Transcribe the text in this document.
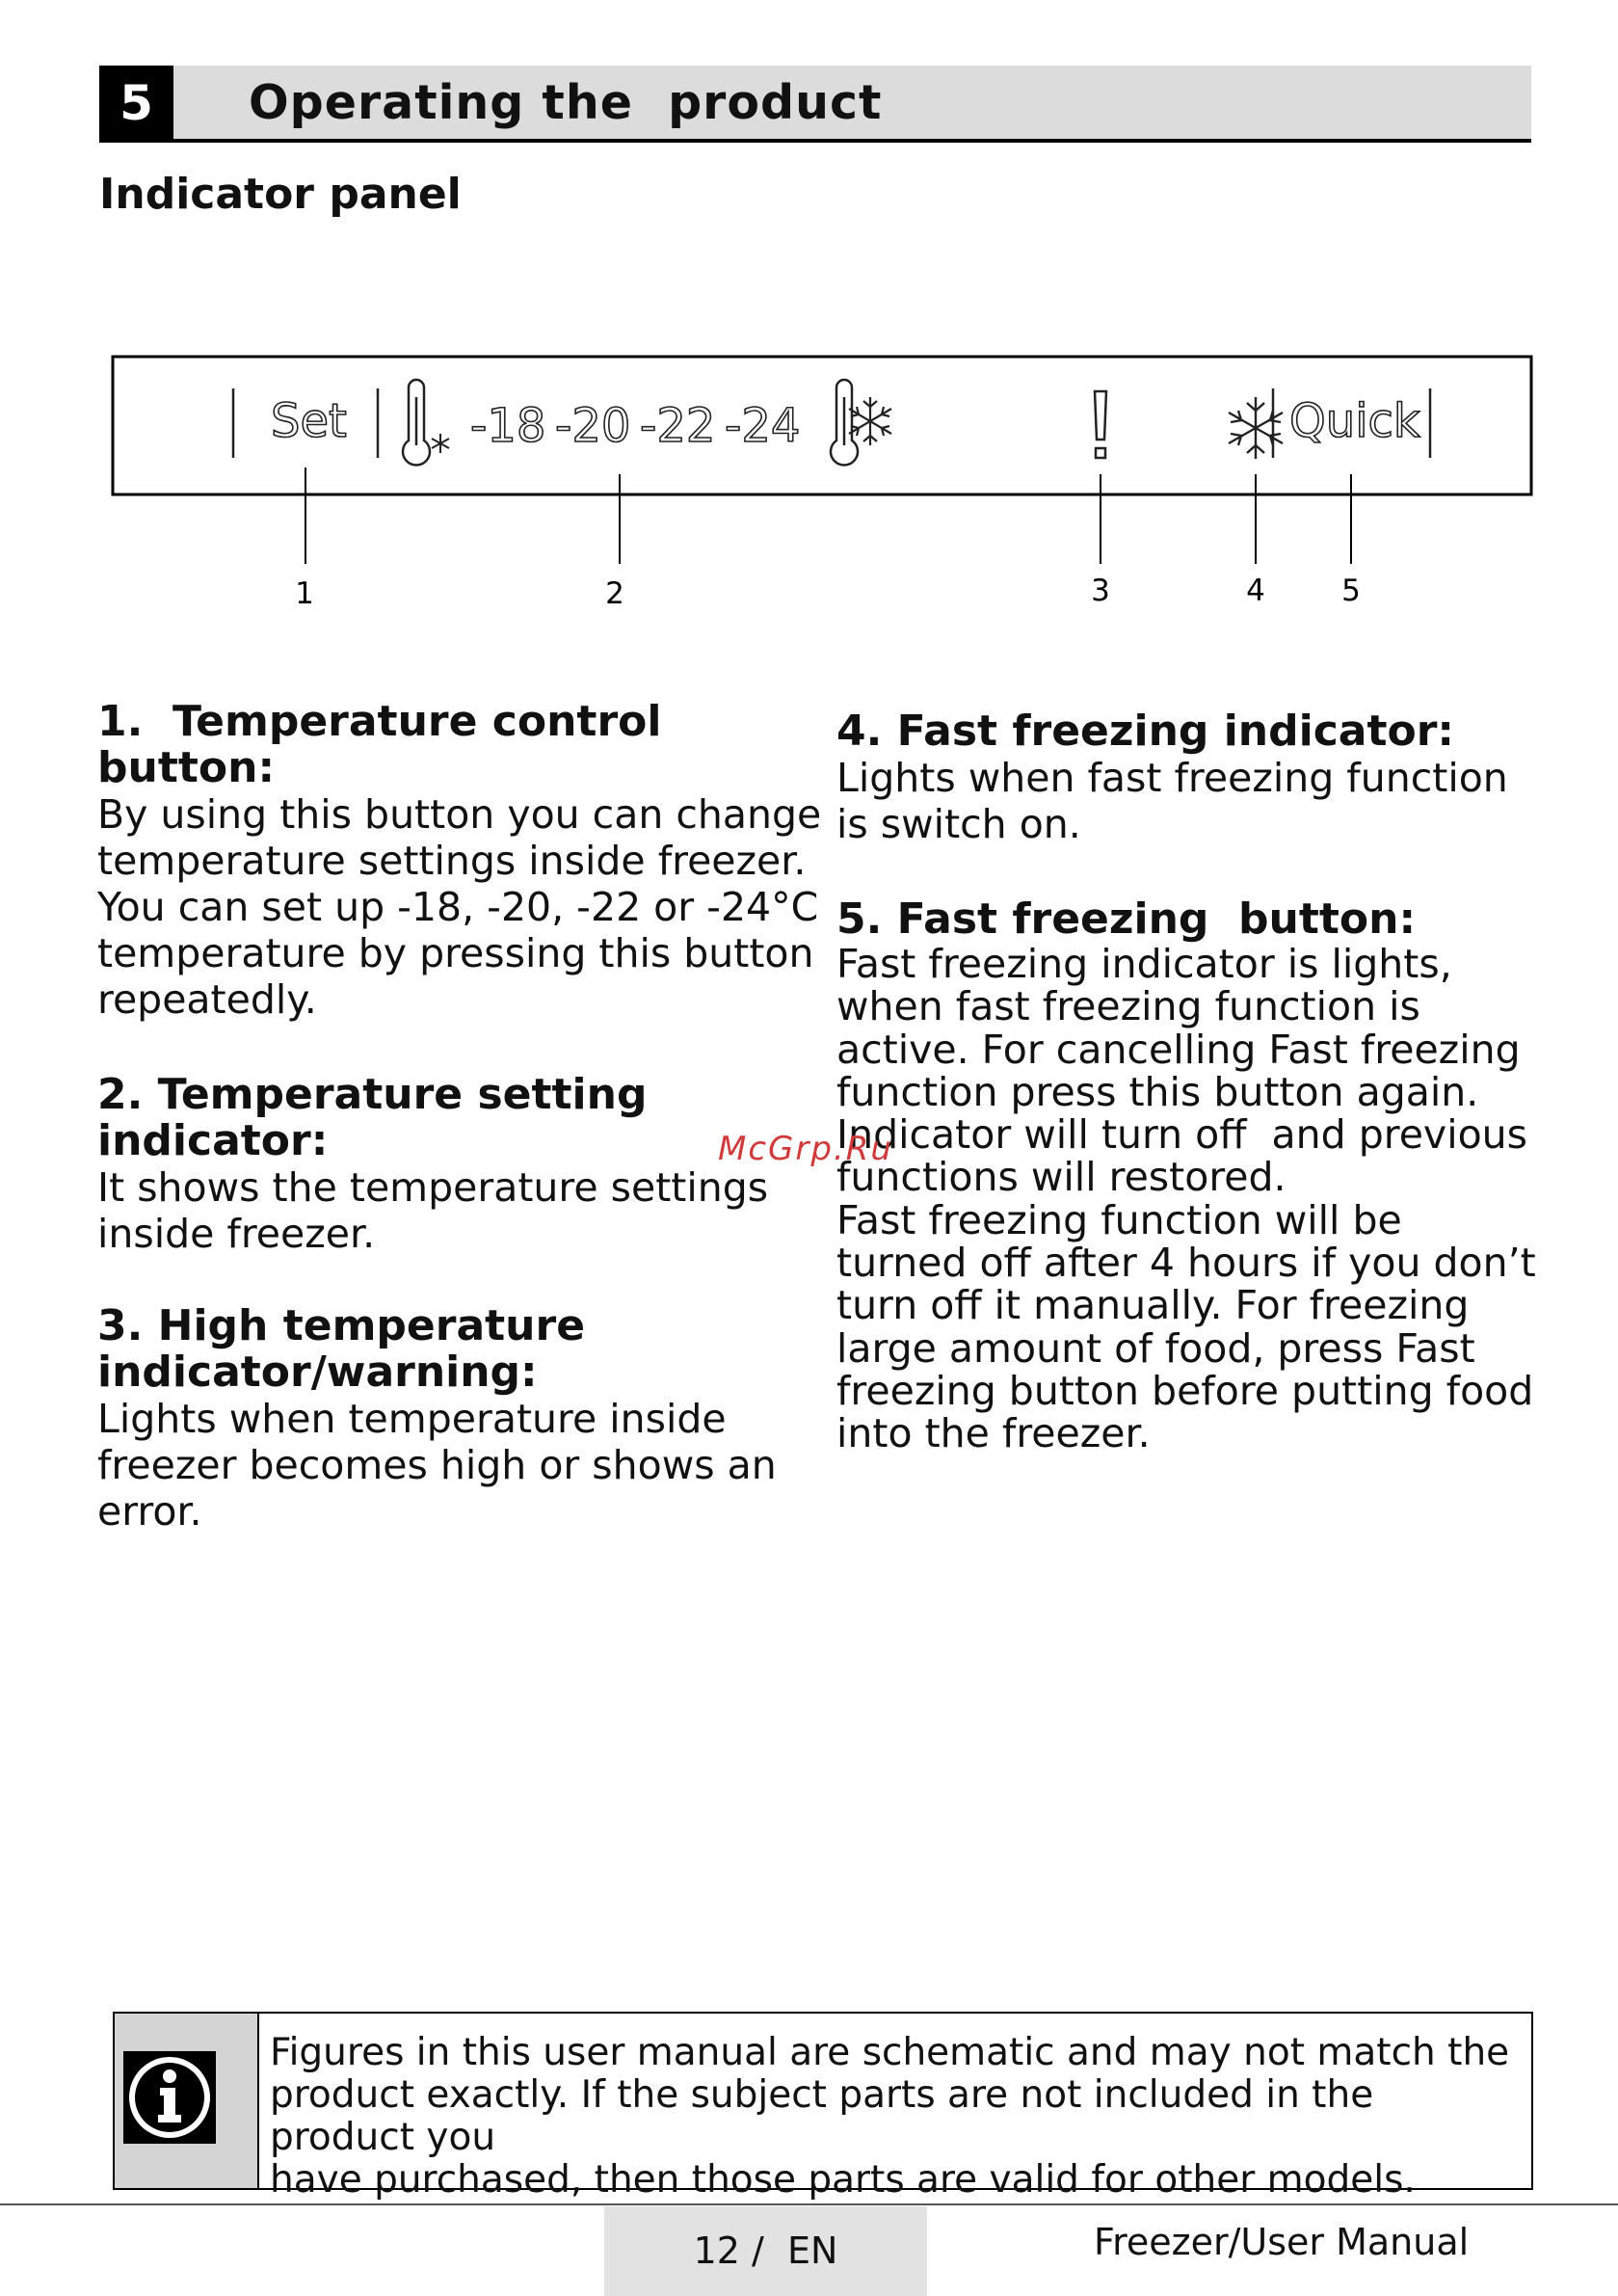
5	Operating the  product
Indicator panel
Set	-18 -20 -22 -24	Quick
!
1	2	3	4	5
1.  Temperature control
button:
By using this button you can change
temperature settings inside freezer.
You can set up -18, -20, -22 or -24°C
temperature by pressing this button
repeatedly.
2. Temperature setting
indicator:
It shows the temperature settings
inside freezer.
3. High temperature
indicator/warning:
Lights when temperature inside
freezer becomes high or shows an
error.
4. Fast freezing indicator:
Lights when fast freezing function
is switch on.
5. Fast freezing  button:
Fast freezing indicator is lights,
when fast freezing function is
active. For cancelling Fast freezing
function press this button again.
Indicator will turn off  and previous
functions will restored.
Fast freezing function will be
turned off after 4 hours if you don’t
turn off it manually. For freezing
large amount of food, press Fast
freezing button before putting food
into the freezer.
McGrp.Ru
Figures in this user manual are schematic and may not match the
product exactly. If the subject parts are not included in the product you
have purchased, then those parts are valid for other models.
12 /  EN	Freezer/User Manual
